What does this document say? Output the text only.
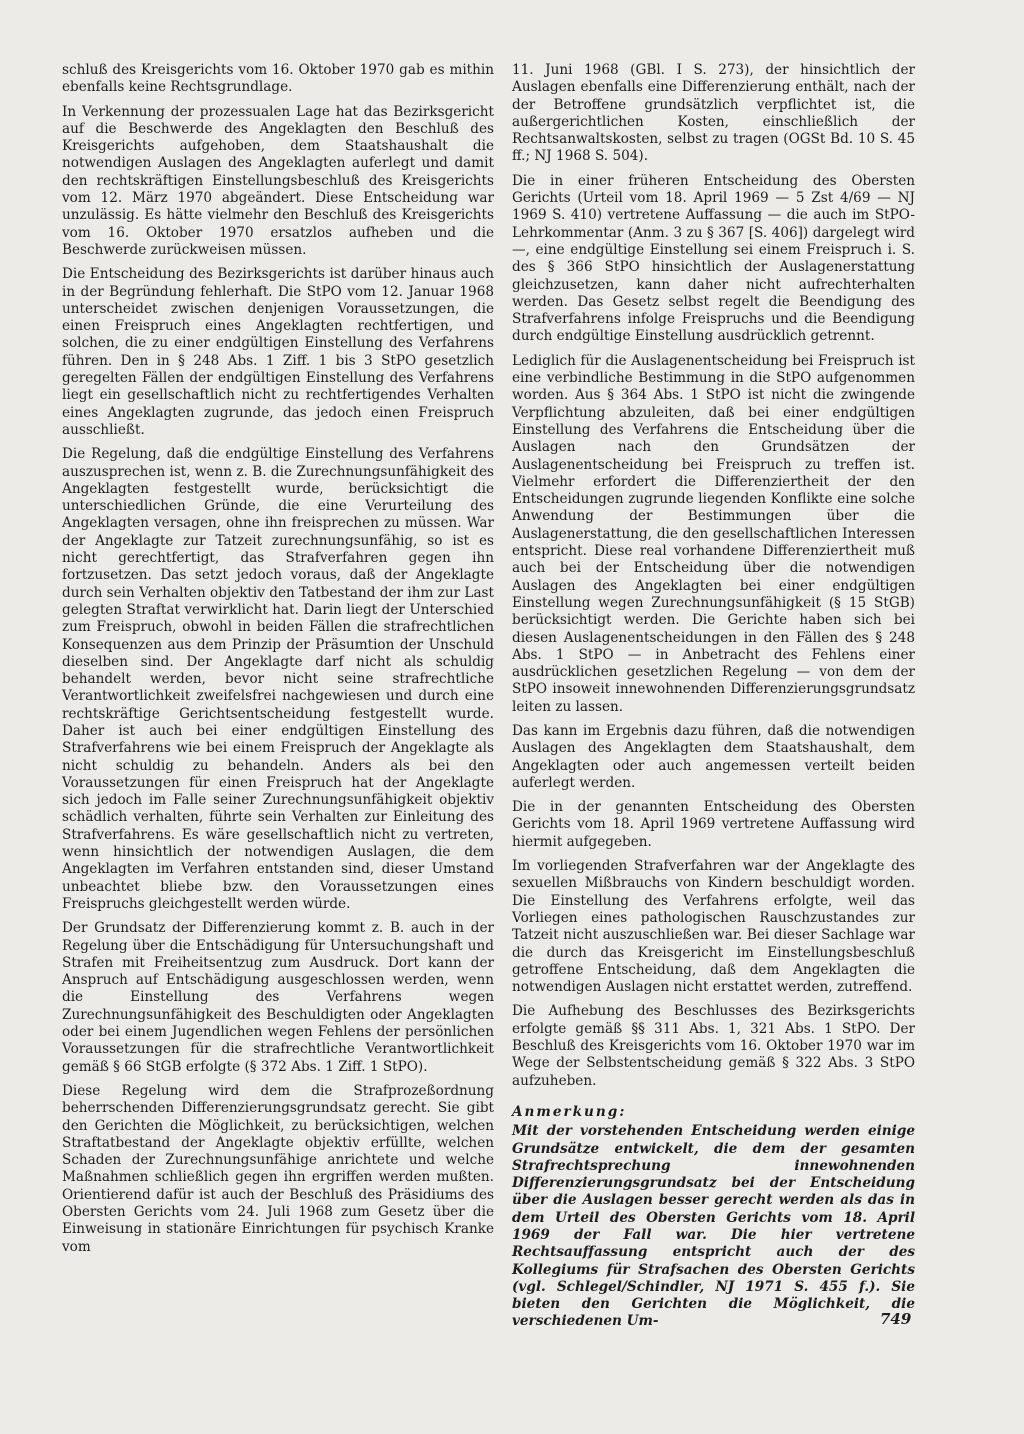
schluß des Kreisgerichts vom 16. Oktober 1970 gab es mithin ebenfalls keine Rechtsgrundlage.

In Verkennung der prozessualen Lage hat das Bezirksgericht auf die Beschwerde des Angeklagten den Beschluß des Kreisgerichts aufgehoben, dem Staatshaushalt die notwendigen Auslagen des Angeklagten auferlegt und damit den rechtskräftigen Einstellungsbeschluß des Kreisgerichts vom 12. März 1970 abgeändert. Diese Entscheidung war unzulässig. Es hätte vielmehr den Beschluß des Kreisgerichts vom 16. Oktober 1970 ersatzlos aufheben und die Beschwerde zurückweisen müssen.

Die Entscheidung des Bezirksgerichts ist darüber hinaus auch in der Begründung fehlerhaft. Die StPO vom 12. Januar 1968 unterscheidet zwischen denjenigen Voraussetzungen, die einen Freispruch eines Angeklagten rechtfertigen, und solchen, die zu einer endgültigen Einstellung des Verfahrens führen. Den in § 248 Abs. 1 Ziff. 1 bis 3 StPO gesetzlich geregelten Fällen der endgültigen Einstellung des Verfahrens liegt ein gesellschaftlich nicht zu rechtfertigendes Verhalten eines Angeklagten zugrunde, das jedoch einen Freispruch ausschließt.

Die Regelung, daß die endgültige Einstellung des Verfahrens auszusprechen ist, wenn z. B. die Zurechnungsunfähigkeit des Angeklagten festgestellt wurde, berücksichtigt die unterschiedlichen Gründe, die eine Verurteilung des Angeklagten versagen, ohne ihn freisprechen zu müssen. War der Angeklagte zur Tatzeit zurechnungsunfähig, so ist es nicht gerechtfertigt, das Strafverfahren gegen ihn fortzusetzen. Das setzt jedoch voraus, daß der Angeklagte durch sein Verhalten objektiv den Tatbestand der ihm zur Last gelegten Straftat verwirklicht hat. Darin liegt der Unterschied zum Freispruch, obwohl in beiden Fällen die strafrechtlichen Konsequenzen aus dem Prinzip der Präsumtion der Unschuld dieselben sind. Der Angeklagte darf nicht als schuldig behandelt werden, bevor nicht seine strafrechtliche Verantwortlichkeit zweifelsfrei nachgewiesen und durch eine rechtskräftige Gerichtsentscheidung festgestellt wurde. Daher ist auch bei einer endgültigen Einstellung des Strafverfahrens wie bei einem Freispruch der Angeklagte als nicht schuldig zu behandeln. Anders als bei den Voraussetzungen für einen Freispruch hat der Angeklagte sich jedoch im Falle seiner Zurechnungsunfähigkeit objektiv schädlich verhalten, führte sein Verhalten zur Einleitung des Strafverfahrens. Es wäre gesellschaftlich nicht zu vertreten, wenn hinsichtlich der notwendigen Auslagen, die dem Angeklagten im Verfahren entstanden sind, dieser Umstand unbeachtet bliebe bzw. den Voraussetzungen eines Freispruchs gleichgestellt werden würde.

Der Grundsatz der Differenzierung kommt z. B. auch in der Regelung über die Entschädigung für Untersuchungshaft und Strafen mit Freiheitsentzug zum Ausdruck. Dort kann der Anspruch auf Entschädigung ausgeschlossen werden, wenn die Einstellung des Verfahrens wegen Zurechnungsunfähigkeit des Beschuldigten oder Angeklagten oder bei einem Jugendlichen wegen Fehlens der persönlichen Voraussetzungen für die strafrechtliche Verantwortlichkeit gemäß § 66 StGB erfolgte (§ 372 Abs. 1 Ziff. 1 StPO).

Diese Regelung wird dem die Strafprozeßordnung beherrschenden Differenzierungsgrundsatz gerecht. Sie gibt den Gerichten die Möglichkeit, zu berücksichtigen, welchen Straftatbestand der Angeklagte objektiv erfüllte, welchen Schaden der Zurechnungsunfähige anrichtete und welche Maßnahmen schließlich gegen ihn ergriffen werden mußten. Orientierend dafür ist auch der Beschluß des Präsidiums des Obersten Gerichts vom 24. Juli 1968 zum Gesetz über die Einweisung in stationäre Einrichtungen für psychisch Kranke vom

11. Juni 1968 (GBl. I S. 273), der hinsichtlich der Auslagen ebenfalls eine Differenzierung enthält, nach der der Betroffene grundsätzlich verpflichtet ist, die außergerichtlichen Kosten, einschließlich der Rechtsanwaltskosten, selbst zu tragen (OGSt Bd. 10 S. 45 ff.; NJ 1968 S. 504).

Die in einer früheren Entscheidung des Obersten Gerichts (Urteil vom 18. April 1969 — 5 Zst 4/69 — NJ 1969 S. 410) vertretene Auffassung — die auch im StPO-Lehrkommentar (Anm. 3 zu § 367 [S. 406]) dargelegt wird —, eine endgültige Einstellung sei einem Freispruch i. S. des § 366 StPO hinsichtlich der Auslagenerstattung gleichzusetzen, kann daher nicht aufrechterhalten werden. Das Gesetz selbst regelt die Beendigung des Strafverfahrens infolge Freispruchs und die Beendigung durch endgültige Einstellung ausdrücklich getrennt.

Lediglich für die Auslagenentscheidung bei Freispruch ist eine verbindliche Bestimmung in die StPO aufgenommen worden. Aus § 364 Abs. 1 StPO ist nicht die zwingende Verpflichtung abzuleiten, daß bei einer endgültigen Einstellung des Verfahrens die Entscheidung über die Auslagen nach den Grundsätzen der Auslagenentscheidung bei Freispruch zu treffen ist. Vielmehr erfordert die Differenziertheit der den Entscheidungen zugrunde liegenden Konflikte eine solche Anwendung der Bestimmungen über die Auslagenerstattung, die den gesellschaftlichen Interessen entspricht. Diese real vorhandene Differenziertheit muß auch bei der Entscheidung über die notwendigen Auslagen des Angeklagten bei einer endgültigen Einstellung wegen Zurechnungsunfähigkeit (§ 15 StGB) berücksichtigt werden. Die Gerichte haben sich bei diesen Auslagenentscheidungen in den Fällen des § 248 Abs. 1 StPO — in Anbetracht des Fehlens einer ausdrücklichen gesetzlichen Regelung — von dem der StPO insoweit innewohnenden Differenzierungsgrundsatz leiten zu lassen.

Das kann im Ergebnis dazu führen, daß die notwendigen Auslagen des Angeklagten dem Staatshaushalt, dem Angeklagten oder auch angemessen verteilt beiden auferlegt werden.

Die in der genannten Entscheidung des Obersten Gerichts vom 18. April 1969 vertretene Auffassung wird hiermit aufgegeben.

Im vorliegenden Strafverfahren war der Angeklagte des sexuellen Mißbrauchs von Kindern beschuldigt worden. Die Einstellung des Verfahrens erfolgte, weil das Vorliegen eines pathologischen Rauschzustandes zur Tatzeit nicht auszuschließen war. Bei dieser Sachlage war die durch das Kreisgericht im Einstellungsbeschluß getroffene Entscheidung, daß dem Angeklagten die notwendigen Auslagen nicht erstattet werden, zutreffend.

Die Aufhebung des Beschlusses des Bezirksgerichts erfolgte gemäß §§ 311 Abs. 1, 321 Abs. 1 StPO. Der Beschluß des Kreisgerichts vom 16. Oktober 1970 war im Wege der Selbstentscheidung gemäß § 322 Abs. 3 StPO aufzuheben.

Anmerkung:

Mit der vorstehenden Entscheidung werden einige Grundsätze entwickelt, die dem der gesamten Strafrechtsprechung innewohnenden Differenzierungsgrundsatz bei der Entscheidung über die Auslagen besser gerecht werden als das in dem Urteil des Obersten Gerichts vom 18. April 1969 der Fall war. Die hier vertretene Rechtsauffassung entspricht auch der des Kollegiums für Strafsachen des Obersten Gerichts (vgl. Schlegel/Schindler, NJ 1971 S. 455 f.). Sie bieten den Gerichten die Möglichkeit, die verschiedenen Um-	749
